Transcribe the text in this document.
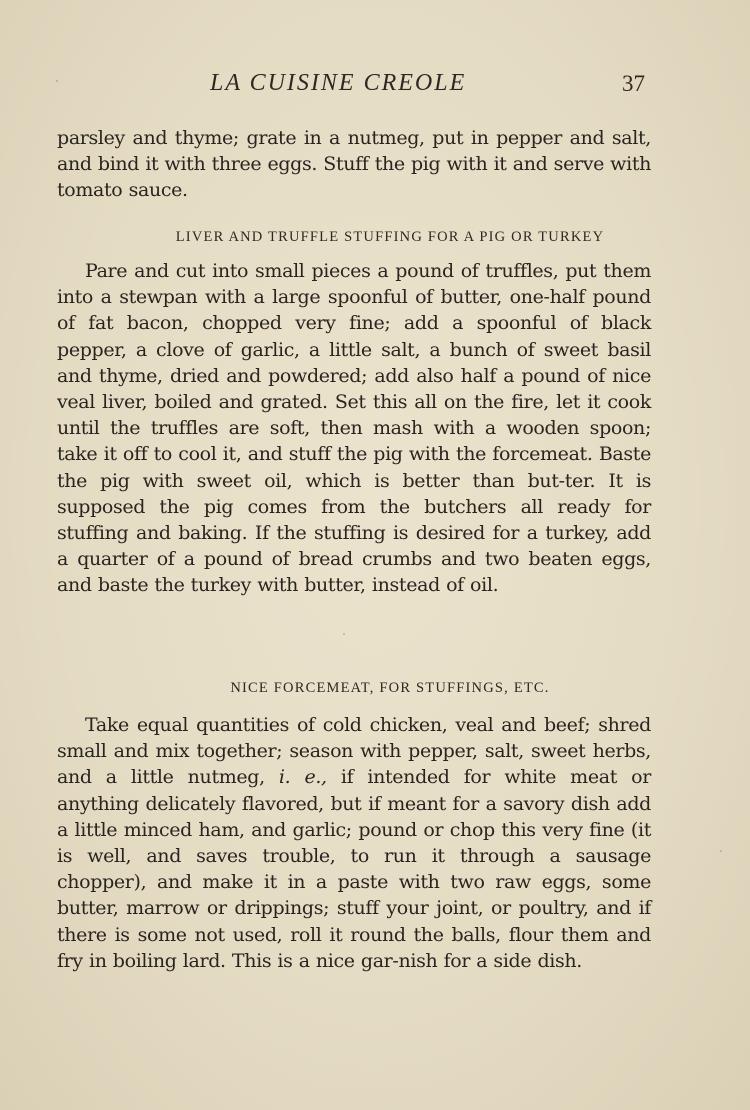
LA CUISINE CREOLE	37

parsley and thyme; grate in a nutmeg, put in pepper and salt, and bind it with three eggs. Stuff the pig with it and serve with tomato sauce.

LIVER AND TRUFFLE STUFFING FOR A PIG OR TURKEY

Pare and cut into small pieces a pound of truffles, put them into a stewpan with a large spoonful of butter, one-half pound of fat bacon, chopped very fine; add a spoonful of black pepper, a clove of garlic, a little salt, a bunch of sweet basil and thyme, dried and powdered; add also half a pound of nice veal liver, boiled and grated. Set this all on the fire, let it cook until the truffles are soft, then mash with a wooden spoon; take it off to cool it, and stuff the pig with the forcemeat. Baste the pig with sweet oil, which is better than but-ter. It is supposed the pig comes from the butchers all ready for stuffing and baking. If the stuffing is desired for a turkey, add a quarter of a pound of bread crumbs and two beaten eggs, and baste the turkey with butter, instead of oil.

NICE FORCEMEAT, FOR STUFFINGS, ETC.

Take equal quantities of cold chicken, veal and beef; shred small and mix together; season with pepper, salt, sweet herbs, and a little nutmeg, i. e., if intended for white meat or anything delicately flavored, but if meant for a savory dish add a little minced ham, and garlic; pound or chop this very fine (it is well, and saves trouble, to run it through a sausage chopper), and make it in a paste with two raw eggs, some butter, marrow or drippings; stuff your joint, or poultry, and if there is some not used, roll it round the balls, flour them and fry in boiling lard. This is a nice gar-nish for a side dish.
